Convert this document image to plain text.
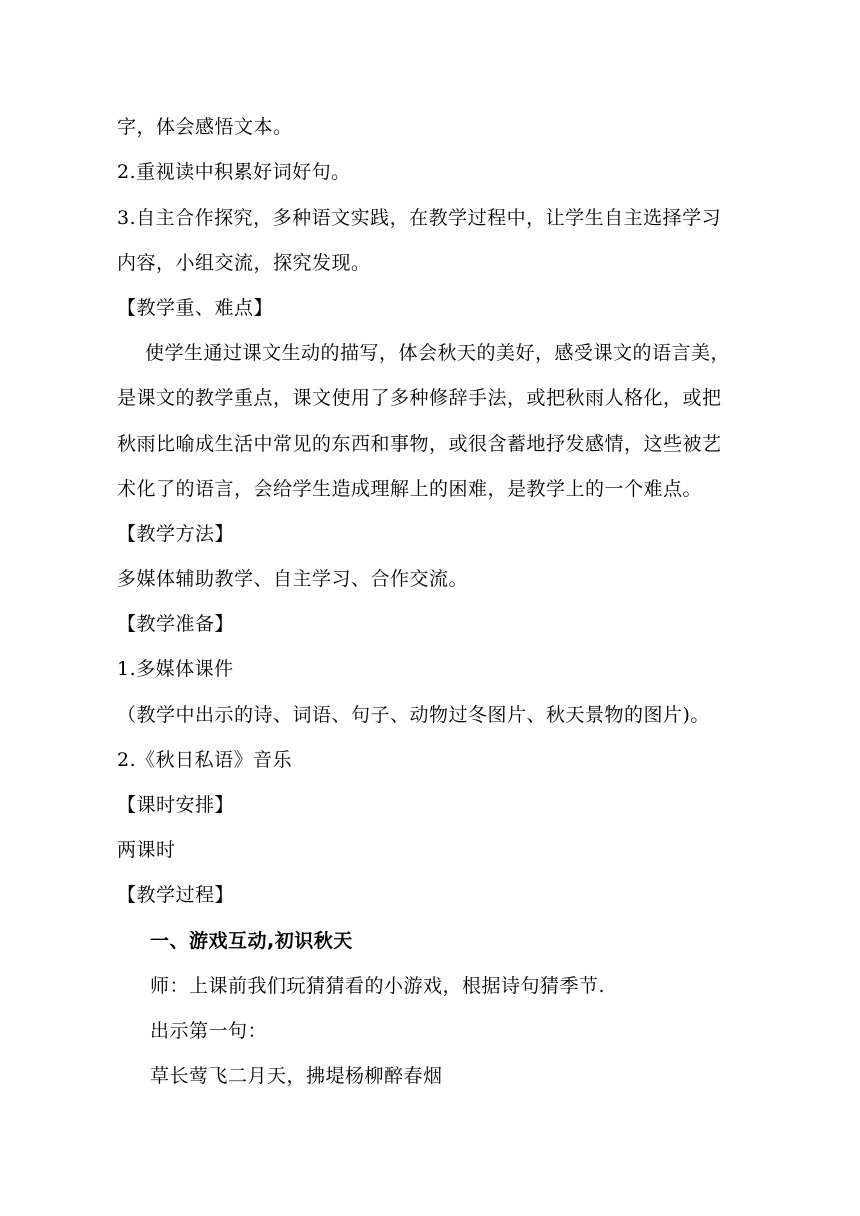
字，体会感悟文本。
2.重视读中积累好词好句。
3.自主合作探究，多种语文实践，在教学过程中，让学生自主选择学习
内容，小组交流，探究发现。
【教学重、难点】
使学生通过课文生动的描写，体会秋天的美好，感受课文的语言美，
是课文的教学重点，课文使用了多种修辞手法，或把秋雨人格化，或把
秋雨比喻成生活中常见的东西和事物，或很含蓄地抒发感情，这些被艺
术化了的语言，会给学生造成理解上的困难，是教学上的一个难点。
【教学方法】
多媒体辅助教学、自主学习、合作交流。
【教学准备】
1.多媒体课件
（教学中出示的诗、词语、句子、动物过冬图片、秋天景物的图片)。
2.《秋日私语》音乐
【课时安排】
两课时
【教学过程】
一、游戏互动,初识秋天
师：上课前我们玩猜猜看的小游戏，根据诗句猜季节.
出示第一句：
草长莺飞二月天，拂堤杨柳醉春烟
